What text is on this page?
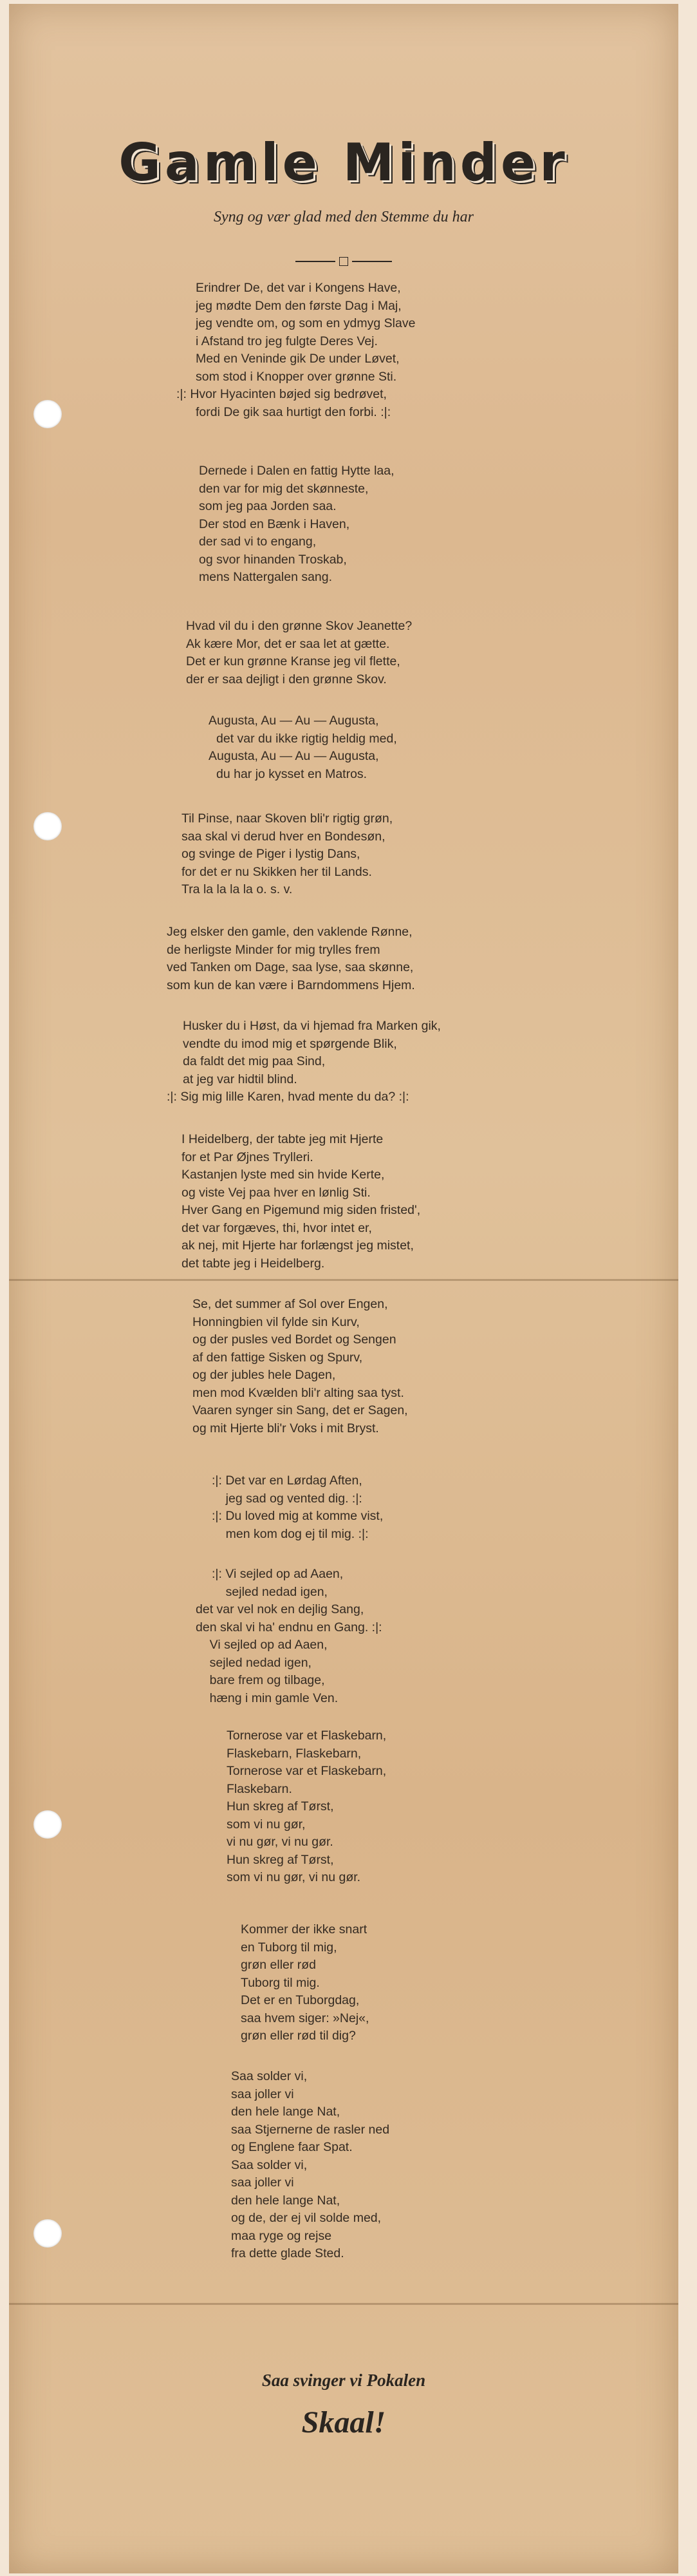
Gamle Minder
Syng og vær glad med den Stemme du har
Erindrer De, det var i Kongens Have,
jeg mødte Dem den første Dag i Maj,
jeg vendte om, og som en ydmyg Slave
i Afstand tro jeg fulgte Deres Vej.
Med en Veninde gik De under Løvet,
som stod i Knopper over grønne Sti.
:|: Hvor Hyacinten bøjed sig bedrøvet,
fordi De gik saa hurtigt den forbi. :|:
Dernede i Dalen en fattig Hytte laa,
den var for mig det skønneste,
som jeg paa Jorden saa.
Der stod en Bænk i Haven,
der sad vi to engang,
og svor hinanden Troskab,
mens Nattergalen sang.
Hvad vil du i den grønne Skov Jeanette?
Ak kære Mor, det er saa let at gætte.
Det er kun grønne Kranse jeg vil flette,
der er saa dejligt i den grønne Skov.
Augusta, Au — Au — Augusta,
det var du ikke rigtig heldig med,
Augusta, Au — Au — Augusta,
du har jo kysset en Matros.
Til Pinse, naar Skoven bli'r rigtig grøn,
saa skal vi derud hver en Bondesøn,
og svinge de Piger i lystig Dans,
for det er nu Skikken her til Lands.
Tra la la la la o. s. v.
Jeg elsker den gamle, den vaklende Rønne,
de herligste Minder for mig trylles frem
ved Tanken om Dage, saa lyse, saa skønne,
som kun de kan være i Barndommens Hjem.
Husker du i Høst, da vi hjemad fra Marken gik,
vendte du imod mig et spørgende Blik,
da faldt det mig paa Sind,
at jeg var hidtil blind.
:|: Sig mig lille Karen, hvad mente du da? :|:
I Heidelberg, der tabte jeg mit Hjerte
for et Par Øjnes Trylleri.
Kastanjen lyste med sin hvide Kerte,
og viste Vej paa hver en lønlig Sti.
Hver Gang en Pigemund mig siden fristed',
det var forgæves, thi, hvor intet er,
ak nej, mit Hjerte har forlængst jeg mistet,
det tabte jeg i Heidelberg.
Se, det summer af Sol over Engen,
Honningbien vil fylde sin Kurv,
og der pusles ved Bordet og Sengen
af den fattige Sisken og Spurv,
og der jubles hele Dagen,
men mod Kvælden bli'r alting saa tyst.
Vaaren synger sin Sang, det er Sagen,
og mit Hjerte bli'r Voks i mit Bryst.
:|: Det var en Lørdag Aften,
jeg sad og vented dig. :|:
:|: Du loved mig at komme vist,
men kom dog ej til mig. :|:
:|: Vi sejled op ad Aaen,
sejled nedad igen,
det var vel nok en dejlig Sang,
den skal vi ha' endnu en Gang. :|:
Vi sejled op ad Aaen,
sejled nedad igen,
bare frem og tilbage,
hæng i min gamle Ven.
Tornerose var et Flaskebarn,
Flaskebarn, Flaskebarn,
Tornerose var et Flaskebarn,
Flaskebarn.
Hun skreg af Tørst,
som vi nu gør,
vi nu gør, vi nu gør.
Hun skreg af Tørst,
som vi nu gør, vi nu gør.
Kommer der ikke snart
en Tuborg til mig,
grøn eller rød
Tuborg til mig.
Det er en Tuborgdag,
saa hvem siger: »Nej«,
grøn eller rød til dig?
Saa solder vi,
saa joller vi
den hele lange Nat,
saa Stjernerne de rasler ned
og Englene faar Spat.
Saa solder vi,
saa joller vi
den hele lange Nat,
og de, der ej vil solde med,
maa ryge og rejse
fra dette glade Sted.
Saa svinger vi Pokalen
Skaal!
